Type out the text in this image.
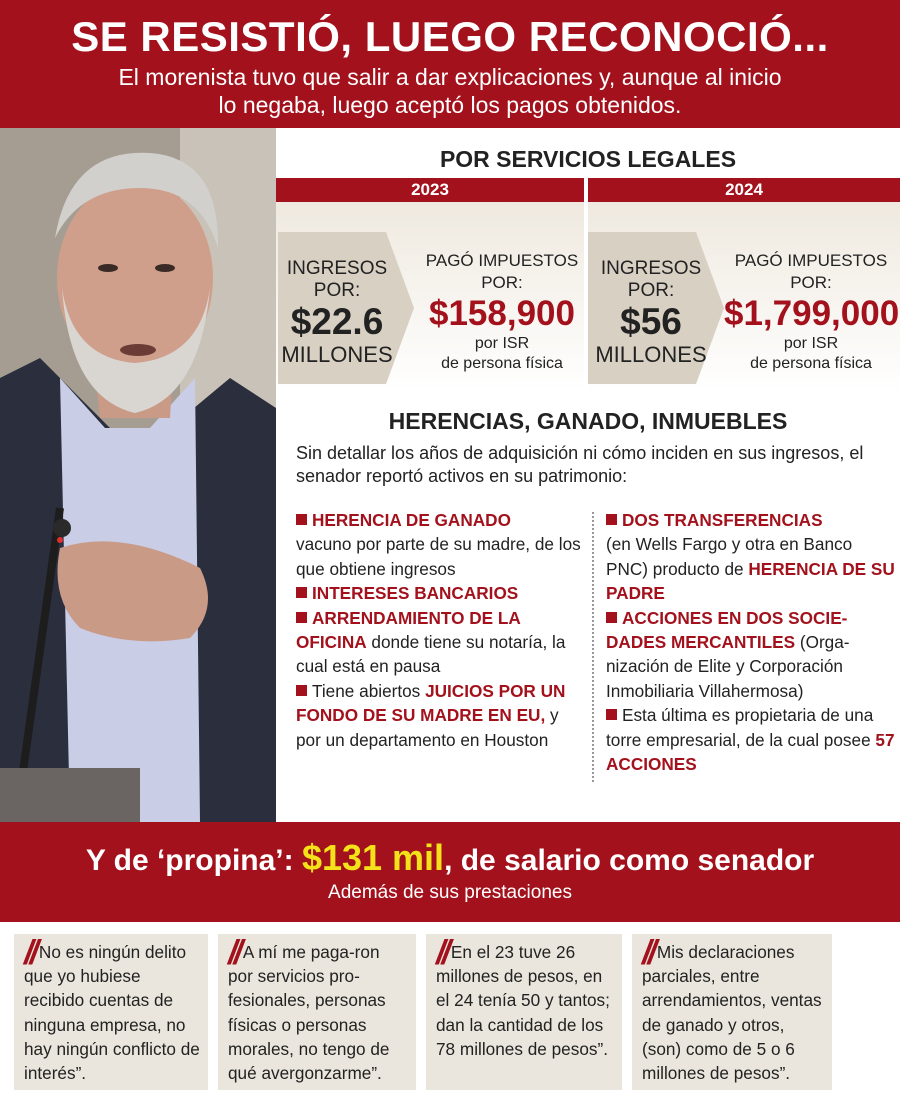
SE RESISTIÓ, LUEGO RECONOCIÓ...
El morenista tuvo que salir a dar explicaciones y, aunque al inicio
lo negaba, luego aceptó los pagos obtenidos.
POR SERVICIOS LEGALES
2023	2024
INGRESOS POR:
$22.6
MILLONES
PAGÓ IMPUESTOS POR:
$158,900
por ISR
de persona física
INGRESOS POR:
$56
MILLONES
PAGÓ IMPUESTOS POR:
$1,799,000
por ISR
de persona física
HERENCIAS, GANADO, INMUEBLES
Sin detallar los años de adquisición ni cómo inciden en sus ingresos, el senador reportó activos en su patrimonio:
HERENCIA DE GANADO
vacuno por parte de su madre, de los que obtiene ingresos
INTERESES BANCARIOS
ARRENDAMIENTO DE LA OFICINA donde tiene su notaría, la cual está en pausa
Tiene abiertos JUICIOS POR UN FONDO DE SU MADRE EN EU, y por un departamento en Houston
DOS TRANSFERENCIAS
(en Wells Fargo y otra en Banco PNC) producto de HERENCIA DE SU PADRE
ACCIONES EN DOS SOCIE-DADES MERCANTILES (Orga-nización de Elite y Corporación Inmobiliaria Villahermosa)
Esta última es propietaria de una torre empresarial, de la cual posee 57 ACCIONES
Y de ‘propina’: $131 mil, de salario como senador
Además de sus prestaciones
// No es ningún delito que yo hubiese recibido cuentas de ninguna empresa, no hay ningún conflicto de interés”.
// A mí me paga-ron por servicios pro-fesionales, personas físicas o personas morales, no tengo de qué avergonzarme”.
// En el 23 tuve 26 millones de pesos, en el 24 tenía 50 y tantos; dan la cantidad de los 78 millones de pesos”.
// Mis declaraciones parciales, entre arrendamientos, ventas de ganado y otros, (son) como de 5 o 6 millones de pesos”.
